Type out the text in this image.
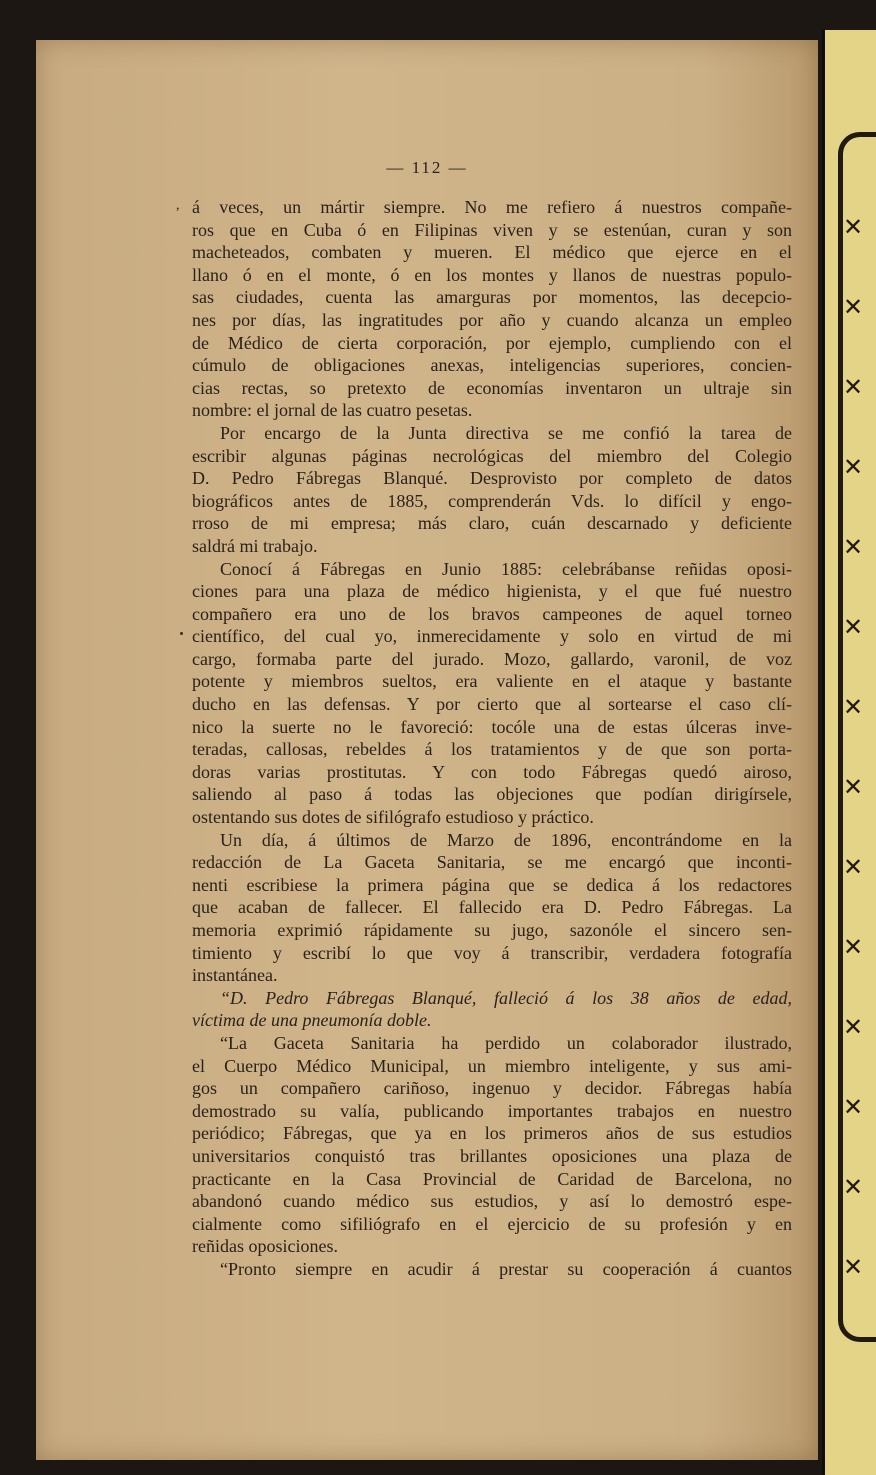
— 112 —
, á veces, un mártir siempre. No me refiero á nuestros compañe-
ros que en Cuba ó en Filipinas viven y se estenúan, curan y son
macheteados, combaten y mueren. El médico que ejerce en el
llano ó en el monte, ó en los montes y llanos de nuestras populo-
sas ciudades, cuenta las amarguras por momentos, las decepcio-
nes por días, las ingratitudes por año y cuando alcanza un empleo
de Médico de cierta corporación, por ejemplo, cumpliendo con el
cúmulo de obligaciones anexas, inteligencias superiores, concien-
cias rectas, so pretexto de economías inventaron un ultraje sin
nombre: el jornal de las cuatro pesetas.
Por encargo de la Junta directiva se me confió la tarea de
escribir algunas páginas necrológicas del miembro del Colegio
D. Pedro Fábregas Blanqué. Desprovisto por completo de datos
biográficos antes de 1885, comprenderán Vds. lo difícil y engo-
rroso de mi empresa; más claro, cuán descarnado y deficiente
saldrá mi trabajo.
Conocí á Fábregas en Junio 1885: celebrábanse reñidas oposi-
ciones para una plaza de médico higienista, y el que fué nuestro
compañero era uno de los bravos campeones de aquel torneo
científico, del cual yo, inmerecidamente y solo en virtud de mi
cargo, formaba parte del jurado. Mozo, gallardo, varonil, de voz
potente y miembros sueltos, era valiente en el ataque y bastante
ducho en las defensas. Y por cierto que al sortearse el caso clí-
nico la suerte no le favoreció: tocóle una de estas úlceras inve-
teradas, callosas, rebeldes á los tratamientos y de que son porta-
doras varias prostitutas. Y con todo Fábregas quedó airoso,
saliendo al paso á todas las objeciones que podían dirigírsele,
ostentando sus dotes de sifilógrafo estudioso y práctico.
Un día, á últimos de Marzo de 1896, encontrándome en la
redacción de La Gaceta Sanitaria, se me encargó que inconti-
nenti escribiese la primera página que se dedica á los redactores
que acaban de fallecer. El fallecido era D. Pedro Fábregas. La
memoria exprimió rápidamente su jugo, sazonóle el sincero sen-
timiento y escribí lo que voy á transcribir, verdadera fotografía
instantánea.
“D. Pedro Fábregas Blanqué, falleció á los 38 años de edad,
víctima de una pneumonía doble.
“La Gaceta Sanitaria ha perdido un colaborador ilustrado,
el Cuerpo Médico Municipal, un miembro inteligente, y sus ami-
gos un compañero cariñoso, ingenuo y decidor. Fábregas había
demostrado su valía, publicando importantes trabajos en nuestro
periódico; Fábregas, que ya en los primeros años de sus estudios
universitarios conquistó tras brillantes oposiciones una plaza de
practicante en la Casa Provincial de Caridad de Barcelona, no
abandonó cuando médico sus estudios, y así lo demostró espe-
cialmente como sifiliógrafo en el ejercicio de su profesión y en
reñidas oposiciones.
“Pronto siempre en acudir á prestar su cooperación á cuantos
✕
✕
✕
✕
✕
✕
✕
✕
✕
✕
✕
✕
✕
✕
